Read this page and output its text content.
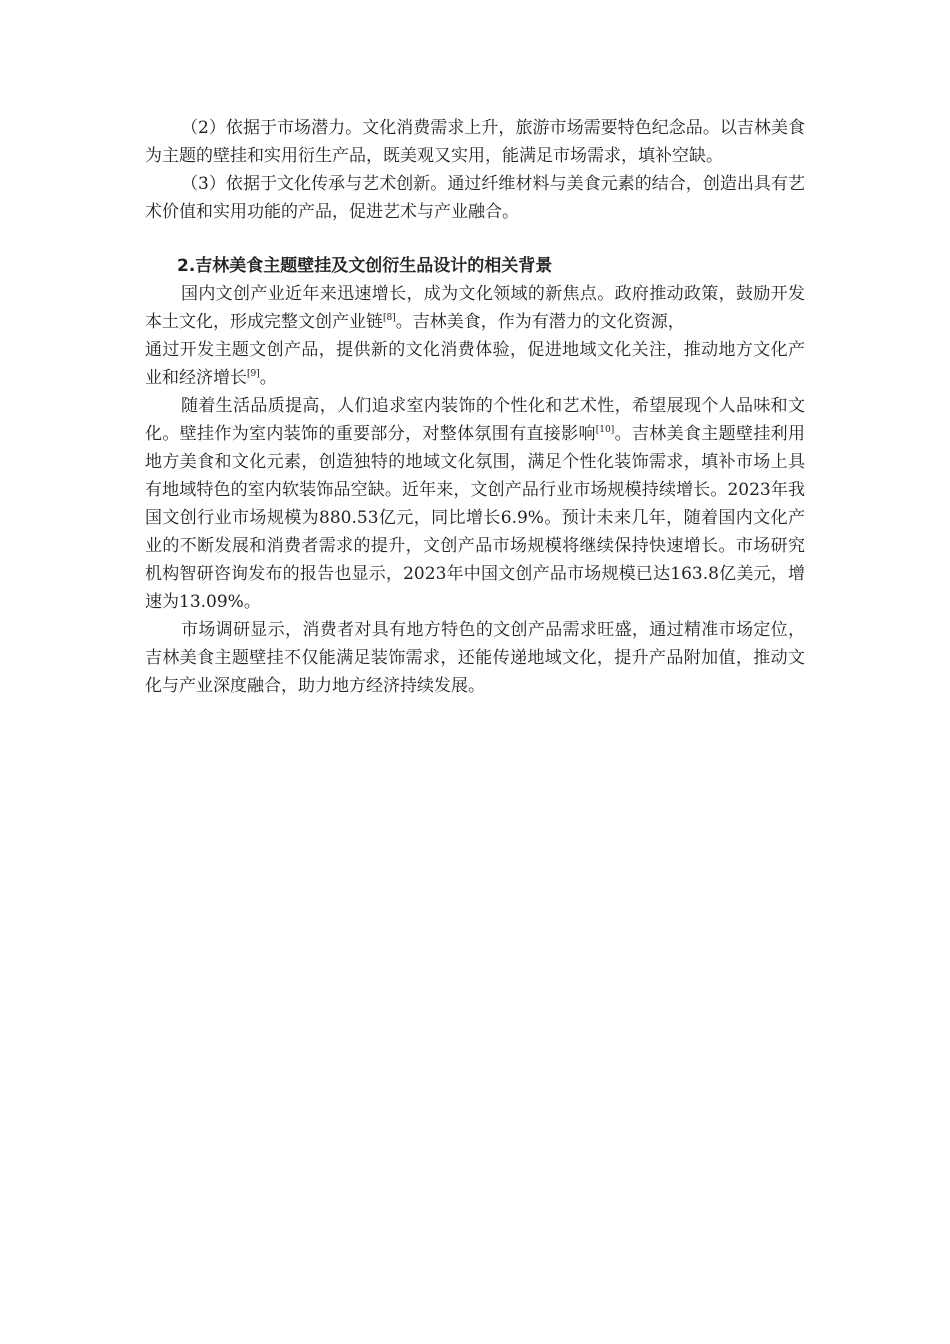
（2）依据于市场潜力。文化消费需求上升，旅游市场需要特色纪念品。以吉林美食为主题的壁挂和实用衍生产品，既美观又实用，能满足市场需求，填补空缺。

（3）依据于文化传承与艺术创新。通过纤维材料与美食元素的结合，创造出具有艺术价值和实用功能的产品，促进艺术与产业融合。

2.吉林美食主题壁挂及文创衍生品设计的相关背景

国内文创产业近年来迅速增长，成为文化领域的新焦点。政府推动政策，鼓励开发本土文化，形成完整文创产业链[8]。吉林美食，作为有潜力的文化资源，
通过开发主题文创产品，提供新的文化消费体验，促进地域文化关注，推动地方文化产业和经济增长[9]。

随着生活品质提高，人们追求室内装饰的个性化和艺术性，希望展现个人品味和文化。壁挂作为室内装饰的重要部分，对整体氛围有直接影响[10]。吉林美食主题壁挂利用地方美食和文化元素，创造独特的地域文化氛围，满足个性化装饰需求，填补市场上具有地域特色的室内软装饰品空缺。近年来，文创产品行业市场规模持续增长。2023年我国文创行业市场规模为880.53亿元，同比增长6.9%。预计未来几年，随着国内文化产业的不断发展和消费者需求的提升，文创产品市场规模将继续保持快速增长。市场研究机构智研咨询发布的报告也显示，2023年中国文创产品市场规模已达163.8亿美元，增速为13.09%。

市场调研显示，消费者对具有地方特色的文创产品需求旺盛，通过精准市场定位，吉林美食主题壁挂不仅能满足装饰需求，还能传递地域文化，提升产品附加值，推动文化与产业深度融合，助力地方经济持续发展。
